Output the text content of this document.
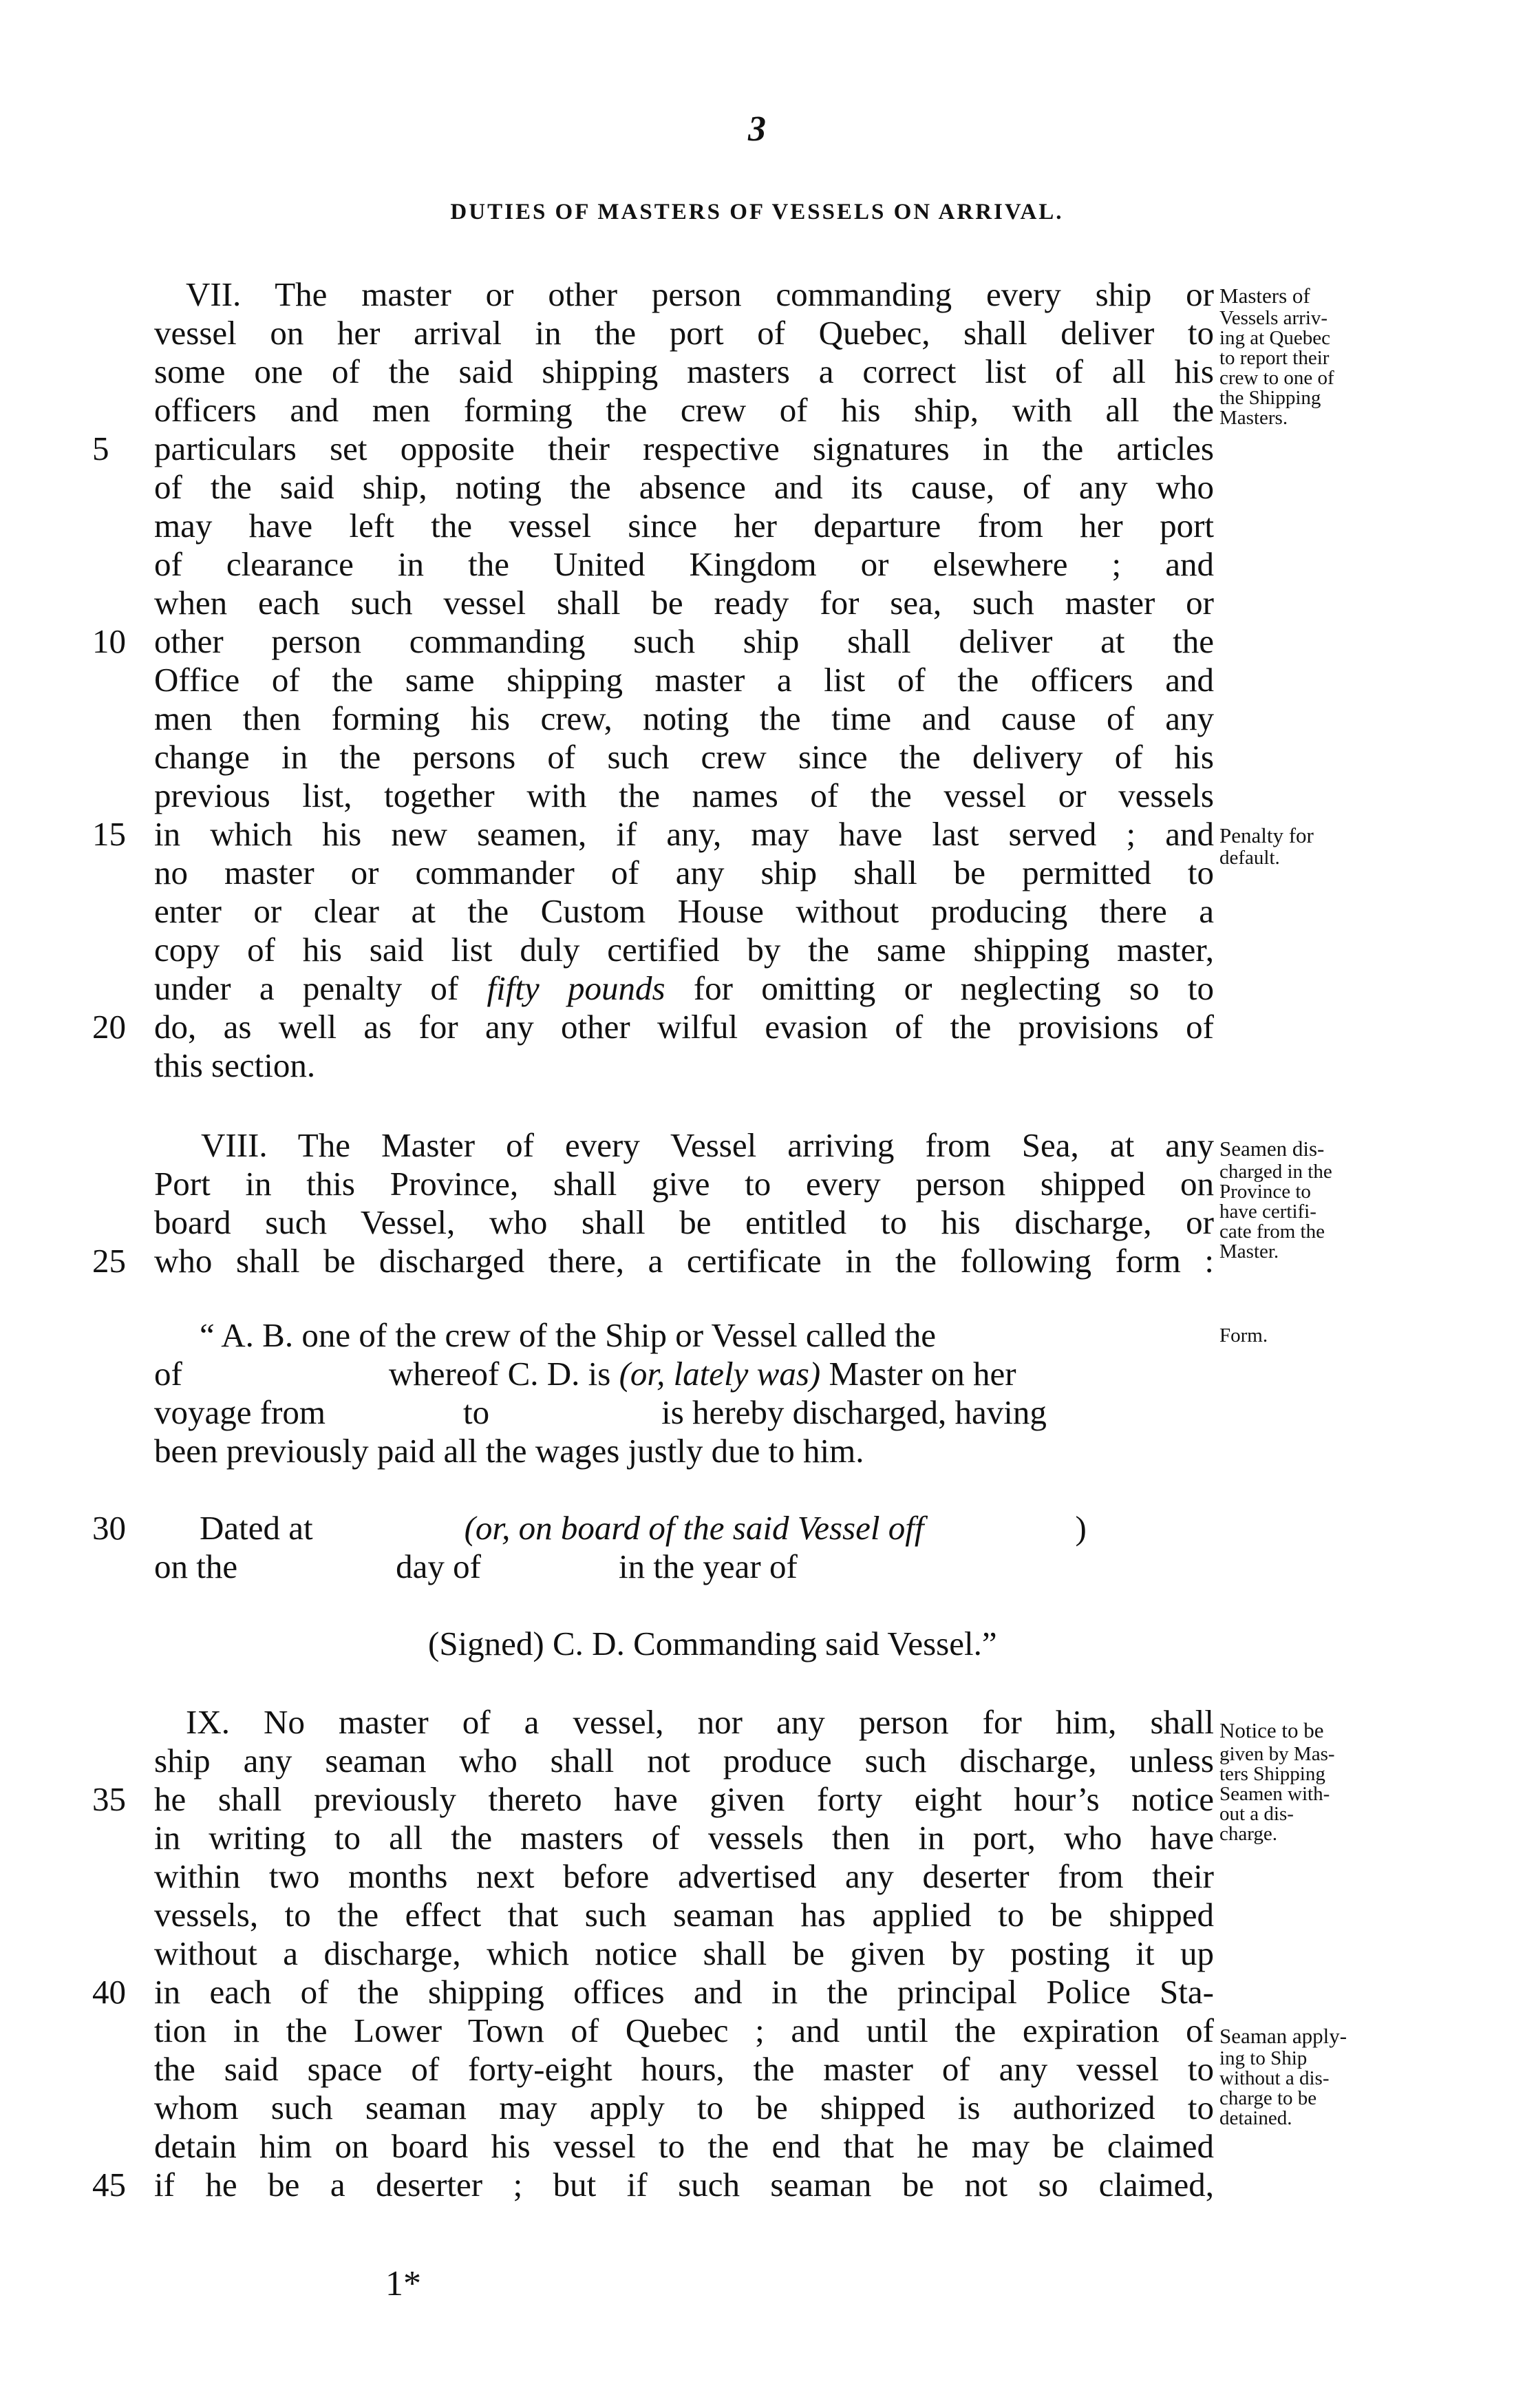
3
DUTIES OF MASTERS OF VESSELS ON ARRIVAL.
VII. The master or other person commanding every ship or
vessel on her arrival in the port of Quebec, shall deliver to
some one of the said shipping masters a correct list of all his
officers and men forming the crew of his ship, with all the
5	particulars set opposite their respective signatures in the articles
of the said ship, noting the absence and its cause, of any who
may have left the vessel since her departure from her port
of clearance in the United Kingdom or elsewhere ; and
when each such vessel shall be ready for sea, such master or
10 other person commanding such ship shall deliver at the
Office of the same shipping master a list of the officers and
men then forming his crew, noting the time and cause of any
change in the persons of such crew since the delivery of his
previous list, together with the names of the vessel or vessels
15 in which his new seamen, if any, may have last served ; and
no master or commander of any ship shall be permitted to
enter or clear at the Custom House without producing there a
copy of his said list duly certified by the same shipping master,
under a penalty of fifty pounds for omitting or neglecting so to
20 do, as well as for any other wilful evasion of the provisions of
this section.
Masters of
Vessels arriv-
ing at Quebec
to report their
crew to one of
the Shipping
Masters.
Penalty for
default.
VIII. The Master of every Vessel arriving from Sea, at any
Port in this Province, shall give to every person shipped on
board such Vessel, who shall be entitled to his discharge, or
25 who shall be discharged there, a certificate in the following form :
Seamen dis-
charged in the
Province to
have certifi-
cate from the
Master.
Form.
“ A. B. one of the crew of the Ship or Vessel called the
of	whereof C. D. is (or, lately was) Master on her
voyage from	to	is hereby discharged, having
been previously paid all the wages justly due to him.
30	Dated at	(or, on board of the said Vessel off	)
on the	day of	in the year of
(Signed) C. D. Commanding said Vessel.”
IX. No master of a vessel, nor any person for him, shall
ship any seaman who shall not produce such discharge, unless
35 he shall previously thereto have given forty eight hour’s notice
in writing to all the masters of vessels then in port, who have
within two months next before advertised any deserter from their
vessels, to the effect that such seaman has applied to be shipped
without a discharge, which notice shall be given by posting it up
40 in each of the shipping offices and in the principal Police Sta-
tion in the Lower Town of Quebec ; and until the expiration of
the said space of forty-eight hours, the master of any vessel to
whom such seaman may apply to be shipped is authorized to
detain him on board his vessel to the end that he may be claimed
45 if he be a deserter ; but if such seaman be not so claimed,
Notice to be
given by Mas-
ters Shipping
Seamen with-
out a dis-
charge.
Seaman apply-
ing to Ship
without a dis-
charge to be
detained.
1*
